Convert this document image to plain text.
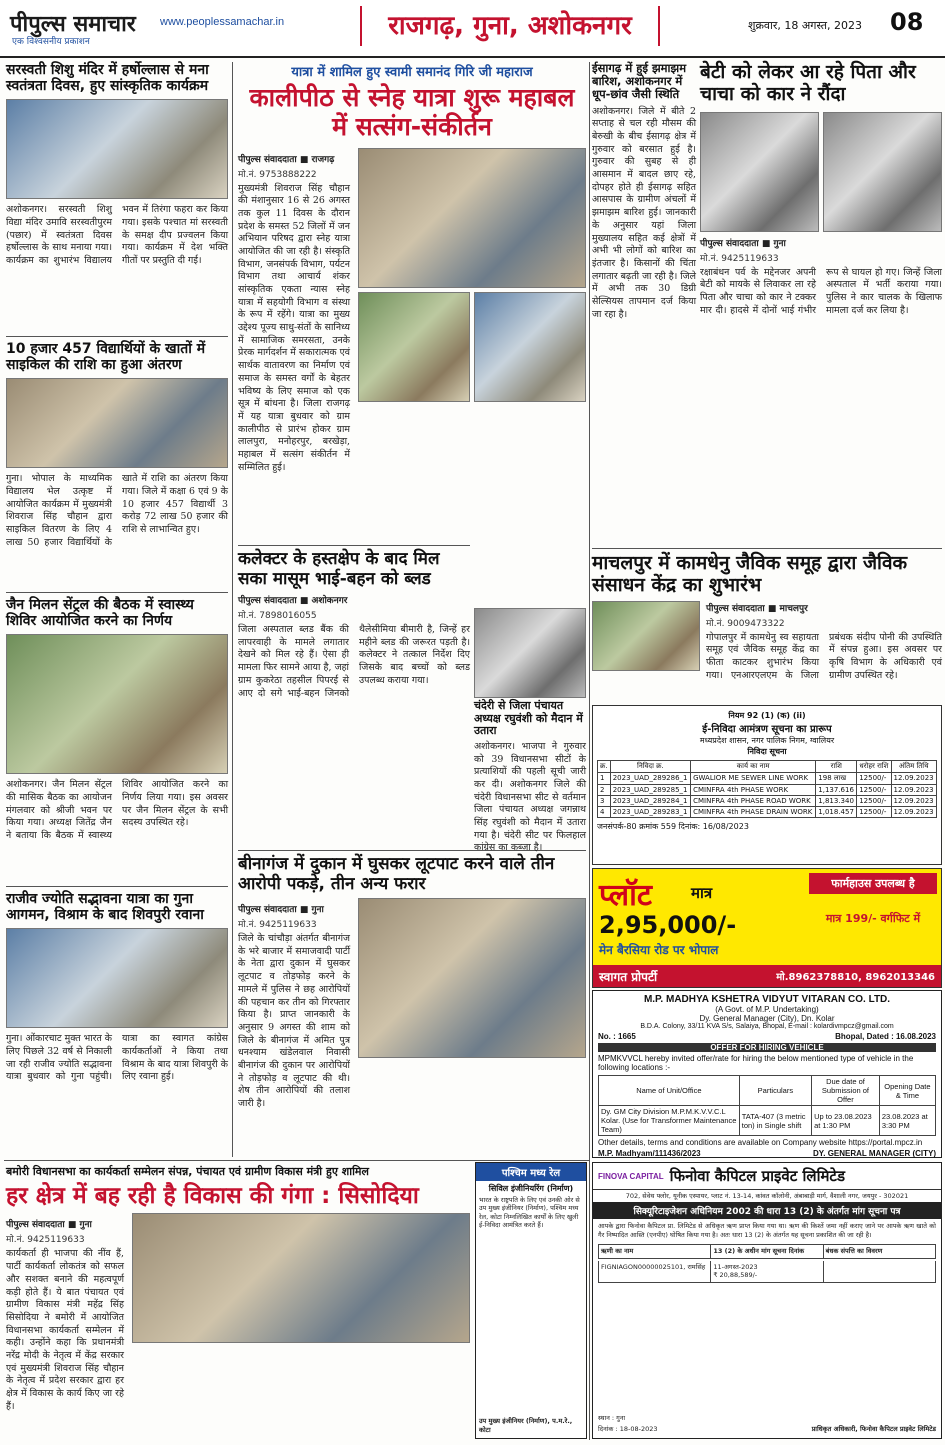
पीपुल्स समाचार
एक विश्वसनीय प्रकाशन
www.peoplessamachar.in	राजगढ़, गुना, अशोकनगर	शुक्रवार, 18 अगस्त, 2023 08
सरस्वती शिशु मंदिर में हर्षोल्लास से मना स्वतंत्रता दिवस, हुए सांस्कृतिक कार्यक्रम
अशोकनगर। सरस्वती शिशु विद्या मंदिर उमावि सरस्वतीपुरम (पछार) में स्वतंत्रता दिवस हर्षोल्लास के साथ मनाया गया। कार्यक्रम का शुभारंभ विद्यालय भवन में तिरंगा फहरा कर किया गया। इसके पश्चात मां सरस्वती के समक्ष दीप प्रज्वलन किया गया। कार्यक्रम में देश भक्ति गीतों पर प्रस्तुति दी गई।
10 हजार 457 विद्यार्थियों के खातों में साइकिल की राशि का हुआ अंतरण
गुना। भोपाल के माध्यमिक विद्यालय भेल उत्कृष्ट में आयोजित कार्यक्रम में मुख्यमंत्री शिवराज सिंह चौहान द्वारा साइकिल वितरण के लिए 4 लाख 50 हजार विद्यार्थियों के खाते में राशि का अंतरण किया गया। जिले में कक्षा 6 एवं 9 के 10 हजार 457 विद्यार्थी 3 करोड़ 72 लाख 50 हजार की राशि से लाभान्वित हुए।
जैन मिलन सेंट्रल की बैठक में स्वास्थ्य शिविर आयोजित करने का निर्णय
अशोकनगर। जैन मिलन सेंट्रल की मासिक बैठक का आयोजन मंगलवार को श्रीजी भवन पर किया गया। अध्यक्ष जितेंद्र जैन ने बताया कि बैठक में स्वास्थ्य शिविर आयोजित करने का निर्णय लिया गया। इस अवसर पर जैन मिलन सेंट्रल के सभी सदस्य उपस्थित रहे।
राजीव ज्योति सद्भावना यात्रा का गुना आगमन, विश्राम के बाद शिवपुरी रवाना
गुना। ओंकारचाट मुक्त भारत के लिए पिछले 32 वर्ष से निकाली जा रही राजीव ज्योति सद्भावना यात्रा बुधवार को गुना पहुंची। यात्रा का स्वागत कांग्रेस कार्यकर्ताओं ने किया तथा विश्राम के बाद यात्रा शिवपुरी के लिए रवाना हुई।
यात्रा में शामिल हुए स्वामी समानंद गिरि जी महाराज
कालीपीठ से स्नेह यात्रा शुरू महाबल में सत्संग-संकीर्तन
पीपुल्स संवाददाता ■ राजगढ़
मो.नं. 9753888222
मुख्यमंत्री शिवराज सिंह चौहान की मंशानुसार 16 से 26 अगस्त तक कुल 11 दिवस के दौरान प्रदेश के समस्त 52 जिलों में जन अभियान परिषद द्वारा स्नेह यात्रा आयोजित की जा रही है। संस्कृति विभाग, जनसंपर्क विभाग, पर्यटन विभाग तथा आचार्य शंकर सांस्कृतिक एकता न्यास स्नेह यात्रा में सहयोगी विभाग व संस्था के रूप में रहेंगे। यात्रा का मुख्य उद्देश्य पूज्य साधु-संतों के सानिध्य में सामाजिक समरसता, उनके प्रेरक मार्गदर्शन में सकारात्मक एवं सार्थक वातावरण का निर्माण एवं समाज के समस्त वर्गों के बेहतर भविष्य के लिए समाज को एक सूत्र में बांधना है। जिला राजगढ़ में यह यात्रा बुधवार को ग्राम कालीपीठ से प्रारंभ होकर ग्राम लालपुरा, मनोहरपुर, बरखेड़ा, महाबल में सत्संग संकीर्तन में सम्मिलित हुई।
कलेक्टर के हस्तक्षेप के बाद मिल सका मासूम भाई-बहन को ब्लड
पीपुल्स संवाददाता ■ अशोकनगर
मो.नं. 7898016055
जिला अस्पताल ब्लड बैंक की लापरवाही के मामले लगातार देखने को मिल रहे हैं। ऐसा ही मामला फिर सामने आया है, जहां ग्राम कुकरेठा तहसील पिपरई से आए दो सगे भाई-बहन जिनको थैलेसीमिया बीमारी है, जिन्हें हर महीने ब्लड की जरूरत पड़ती है। कलेक्टर ने तत्काल निर्देश दिए जिसके बाद बच्चों को ब्लड उपलब्ध कराया गया।
बीनागंज में दुकान में घुसकर लूटपाट करने वाले तीन आरोपी पकड़े, तीन अन्य फरार
पीपुल्स संवाददाता ■ गुना
मो.नं. 9425119633
जिले के चांचौड़ा अंतर्गत बीनागंज के भरे बाजार में समाजवादी पार्टी के नेता द्वारा दुकान में घुसकर लूटपाट व तोड़फोड़ करने के मामले में पुलिस ने छह आरोपियों की पहचान कर तीन को गिरफ्तार किया है। प्राप्त जानकारी के अनुसार 9 अगस्त की शाम को जिले के बीनागंज में अमित पुत्र धनश्याम खंडेलवाल निवासी बीनागंज की दुकान पर आरोपियों ने तोड़फोड़ व लूटपाट की थी। शेष तीन आरोपियों की तलाश जारी है।
बेटी को लेकर आ रहे पिता और चाचा को कार ने रौंदा
पीपुल्स संवाददाता ■ गुना
मो.नं. 9425119633
रक्षाबंधन पर्व के मद्देनजर अपनी बेटी को मायके से लिवाकर ला रहे पिता और चाचा को कार ने टक्कर मार दी। हादसे में दोनों भाई गंभीर रूप से घायल हो गए। जिन्हें जिला अस्पताल में भर्ती कराया गया। पुलिस ने कार चालक के खिलाफ मामला दर्ज कर लिया है।
ईसागढ़ में हुई झमाझम बारिश, अशोकनगर में धूप-छांव जैसी स्थिति
अशोकनगर। जिले में बीते 2 सप्ताह से चल रही मौसम की बेरुखी के बीच ईसागढ़ क्षेत्र में गुरुवार को बरसात हुई है। गुरुवार की सुबह से ही आसमान में बादल छाए रहे, दोपहर होते ही ईसागढ़ सहित आसपास के ग्रामीण अंचलों में झमाझम बारिश हुई। जानकारी के अनुसार यहां जिला मुख्यालय सहित कई क्षेत्रों में अभी भी लोगों को बारिश का इंतजार है। किसानों की चिंता लगातार बढ़ती जा रही है। जिले में अभी तक 30 डिग्री सेल्सियस तापमान दर्ज किया जा रहा है।
चंदेरी से जिला पंचायत अध्यक्ष रघुवंशी को मैदान में उतारा
अशोकनगर। भाजपा ने गुरुवार को 39 विधानसभा सीटों के प्रत्याशियों की पहली सूची जारी कर दी। अशोकनगर जिले की चंदेरी विधानसभा सीट से वर्तमान जिला पंचायत अध्यक्ष जगन्नाथ सिंह रघुवंशी को मैदान में उतारा गया है। चंदेरी सीट पर फिलहाल कांग्रेस का कब्जा है।
माचलपुर में कामधेनु जैविक समूह द्वारा जैविक संसाधन केंद्र का शुभारंभ
पीपुल्स संवाददाता ■ माचलपुर
मो.नं. 9009473322
गोपालपुर में कामधेनु स्व सहायता समूह एवं जैविक समूह केंद्र का फीता काटकर शुभारंभ किया गया। एनआरएलएम के जिला प्रबंधक संदीप पोनी की उपस्थिति में संपन्न हुआ। इस अवसर पर कृषि विभाग के अधिकारी एवं ग्रामीण उपस्थित रहे।
नियम 92 (1) (क) (ii)
ई-निविदा आमंत्रण सूचना का प्रारूप
मध्यप्रदेश शासन, नगर पालिक निगम, ग्वालियर
निविदा सूचना
क्र.	निविदा क्र.	कार्य का नाम	राशि	धरोहर राशि	अंतिम तिथि
1	2023_UAD_289286_1	GWALIOR ME SEWER LINE WORK	198 लाख	12500/-	12.09.2023
2	2023_UAD_289285_1	CMINFRA 4th PHASE WORK	1,137.616	12500/-	12.09.2023
3	2023_UAD_289284_1	CMINFRA 4th PHASE ROAD WORK	1,813.340	12500/-	12.09.2023
4	2023_UAD_289283_1	CMINFRA 4th PHASE DRAIN WORK	1,018.457	12500/-	12.09.2023
जनसंपर्क-80 क्रमांक 559 दिनांक: 16/08/2023
प्लॉट	मात्र
2,95,000/-
मेन बैरसिया रोड पर भोपाल
फार्महाउस उपलब्ध है
मात्र 199/- वर्गफिट में
स्वागत प्रोपर्टी	मो.8962378810, 8962013346
M.P. MADHYA KSHETRA VIDYUT VITARAN CO. LTD.
(A Govt. of M.P. Undertaking)
Dy. General Manager (City), Dn. Kolar
B.D.A. Colony, 33/11 KVA S/s, Salaiya, Bhopal, E-mail : kolardivmpcz@gmail.com
No. : 1665	Bhopal, Dated : 16.08.2023
OFFER FOR HIRING VEHICLE
MPMKVVCL hereby invited offer/rate for hiring the below mentioned type of vehicle in the following locations :-
Name of Unit/Office	Particulars	Due date of Submission of Offer	Opening Date & Time
Dy. GM City Division M.P.M.K.V.V.C.L Kolar. (Use for Transformer Maintenance Team)	TATA-407 (3 metric ton) in Single shift	Up to 23.08.2023 at 1:30 PM	23.08.2023 at 3:30 PM
Other details, terms and conditions are available on Company website https://portal.mpcz.in
M.P. Madhyam/111436/2023	DY. GENERAL MANAGER (CITY)
बमोरी विधानसभा का कार्यकर्ता सम्मेलन संपन्न, पंचायत एवं ग्रामीण विकास मंत्री हुए शामिल
हर क्षेत्र में बह रही है विकास की गंगा : सिसोदिया
पीपुल्स संवाददाता ■ गुना
मो.नं. 9425119633
कार्यकर्ता ही भाजपा की नींव हैं, पार्टी कार्यकर्ता लोकतंत्र को सफल और सशक्त बनाने की महत्वपूर्ण कड़ी होते हैं। ये बात पंचायत एवं ग्रामीण विकास मंत्री महेंद्र सिंह सिसोदिया ने बमोरी में आयोजित विधानसभा कार्यकर्ता सम्मेलन में कही। उन्होंने कहा कि प्रधानमंत्री नरेंद्र मोदी के नेतृत्व में केंद्र सरकार एवं मुख्यमंत्री शिवराज सिंह चौहान के नेतृत्व में प्रदेश सरकार द्वारा हर क्षेत्र में विकास के कार्य किए जा रहे हैं।
पश्चिम मध्य रेल
सिविल इंजीनियरिंग (निर्माण)
भारत के राष्ट्रपति के लिए एवं उनकी ओर से उप मुख्य इंजीनियर (निर्माण), पश्चिम मध्य रेल, कोटा निम्नलिखित कार्यों के लिए खुली ई-निविदा आमंत्रित करते हैं।
उप मुख्य इंजीनियर (निर्माण), प.म.रे., कोटा
FINOVA CAPITAL फिनोवा कैपिटल प्राइवेट लिमिटेड
702, सेवेथ फ्लोर, यूनीक एस्पायर, प्लाट नं. 13-14, कांवत कॉलोनी, अंबाबाड़ी मार्ग, वैशाली नगर, जयपुर - 302021
सिक्यूरिटाइजेशन अधिनियम 2002 की धारा 13 (2) के अंतर्गत मांग सूचना पत्र
आपके द्वारा फिनोवा कैपिटल प्रा. लिमिटेड से अधिकृत ऋण प्राप्त किया गया था। ऋण की किश्तें जमा नहीं कराए जाने पर आपके ऋण खाते को गैर निष्पादित आस्ति (एनपीए) घोषित किया गया है। अतः धारा 13 (2) के अंतर्गत यह सूचना प्रकाशित की जा रही है।
ऋणी का नाम	13 (2) के अधीन मांग सूचना दिनांक	बंधक संपत्ति का विवरण
FIGNIAGON00000025101, रामसिंह	11-अगस्त-2023
₹ 20,88,589/-
स्थान : गुना
दिनांक : 18-08-2023	प्राधिकृत अधिकारी, फिनोवा कैपिटल प्राइवेट लिमिटेड
